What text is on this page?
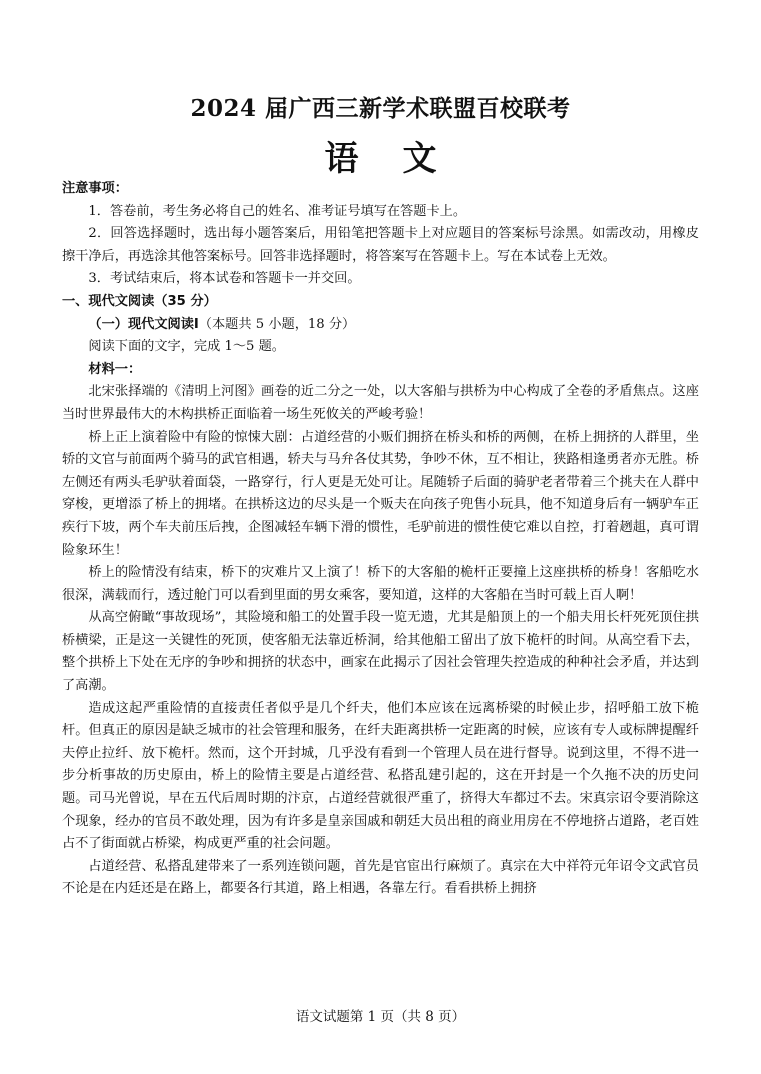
2024 届广西三新学术联盟百校联考
语文

注意事项：

1．答卷前，考生务必将自己的姓名、准考证号填写在答题卡上。

2．回答选择题时，选出每小题答案后，用铅笔把答题卡上对应题目的答案标号涂黑。如需改动，用橡皮擦干净后，再选涂其他答案标号。回答非选择题时，将答案写在答题卡上。写在本试卷上无效。

3．考试结束后，将本试卷和答题卡一并交回。

一、现代文阅读（35 分）

（一）现代文阅读Ⅰ（本题共 5 小题，18 分）

阅读下面的文字，完成 1～5 题。

材料一：

北宋张择端的《清明上河图》画卷的近二分之一处，以大客船与拱桥为中心构成了全卷的矛盾焦点。这座当时世界最伟大的木构拱桥正面临着一场生死攸关的严峻考验！

桥上正上演着险中有险的惊悚大剧：占道经营的小贩们拥挤在桥头和桥的两侧，在桥上拥挤的人群里，坐轿的文官与前面两个骑马的武官相遇，轿夫与马弁各仗其势，争吵不休，互不相让，狭路相逢勇者亦无胜。桥左侧还有两头毛驴驮着面袋，一路穿行，行人更是无处可让。尾随轿子后面的骑驴老者带着三个挑夫在人群中穿梭，更增添了桥上的拥堵。在拱桥这边的尽头是一个贩夫在向孩子兜售小玩具，他不知道身后有一辆驴车正疾行下坡，两个车夫前压后拽，企图减轻车辆下滑的惯性，毛驴前进的惯性使它难以自控，打着趔趄，真可谓险象环生！

桥上的险情没有结束，桥下的灾难片又上演了！桥下的大客船的桅杆正要撞上这座拱桥的桥身！客船吃水很深，满载而行，透过舱门可以看到里面的男女乘客，要知道，这样的大客船在当时可载上百人啊！

从高空俯瞰“事故现场”，其险境和船工的处置手段一览无遗，尤其是船顶上的一个船夫用长杆死死顶住拱桥横梁，正是这一关键性的死顶，使客船无法靠近桥洞，给其他船工留出了放下桅杆的时间。从高空看下去，整个拱桥上下处在无序的争吵和拥挤的状态中，画家在此揭示了因社会管理失控造成的种种社会矛盾，并达到了高潮。

造成这起严重险情的直接责任者似乎是几个纤夫，他们本应该在远离桥梁的时候止步，招呼船工放下桅杆。但真正的原因是缺乏城市的社会管理和服务，在纤夫距离拱桥一定距离的时候，应该有专人或标牌提醒纤夫停止拉纤、放下桅杆。然而，这个开封城，几乎没有看到一个管理人员在进行督导。说到这里，不得不进一步分析事故的历史原由，桥上的险情主要是占道经营、私搭乱建引起的，这在开封是一个久拖不决的历史问题。司马光曾说，早在五代后周时期的汴京，占道经营就很严重了，挤得大车都过不去。宋真宗诏令要消除这个现象，经办的官员不敢处理，因为有许多是皇亲国戚和朝廷大员出租的商业用房在不停地挤占道路，老百姓占不了街面就占桥梁，构成更严重的社会问题。

占道经营、私搭乱建带来了一系列连锁问题，首先是官宦出行麻烦了。真宗在大中祥符元年诏令文武官员不论是在内廷还是在路上，都要各行其道，路上相遇，各靠左行。看看拱桥上拥挤

语文试题第 1 页（共 8 页）
